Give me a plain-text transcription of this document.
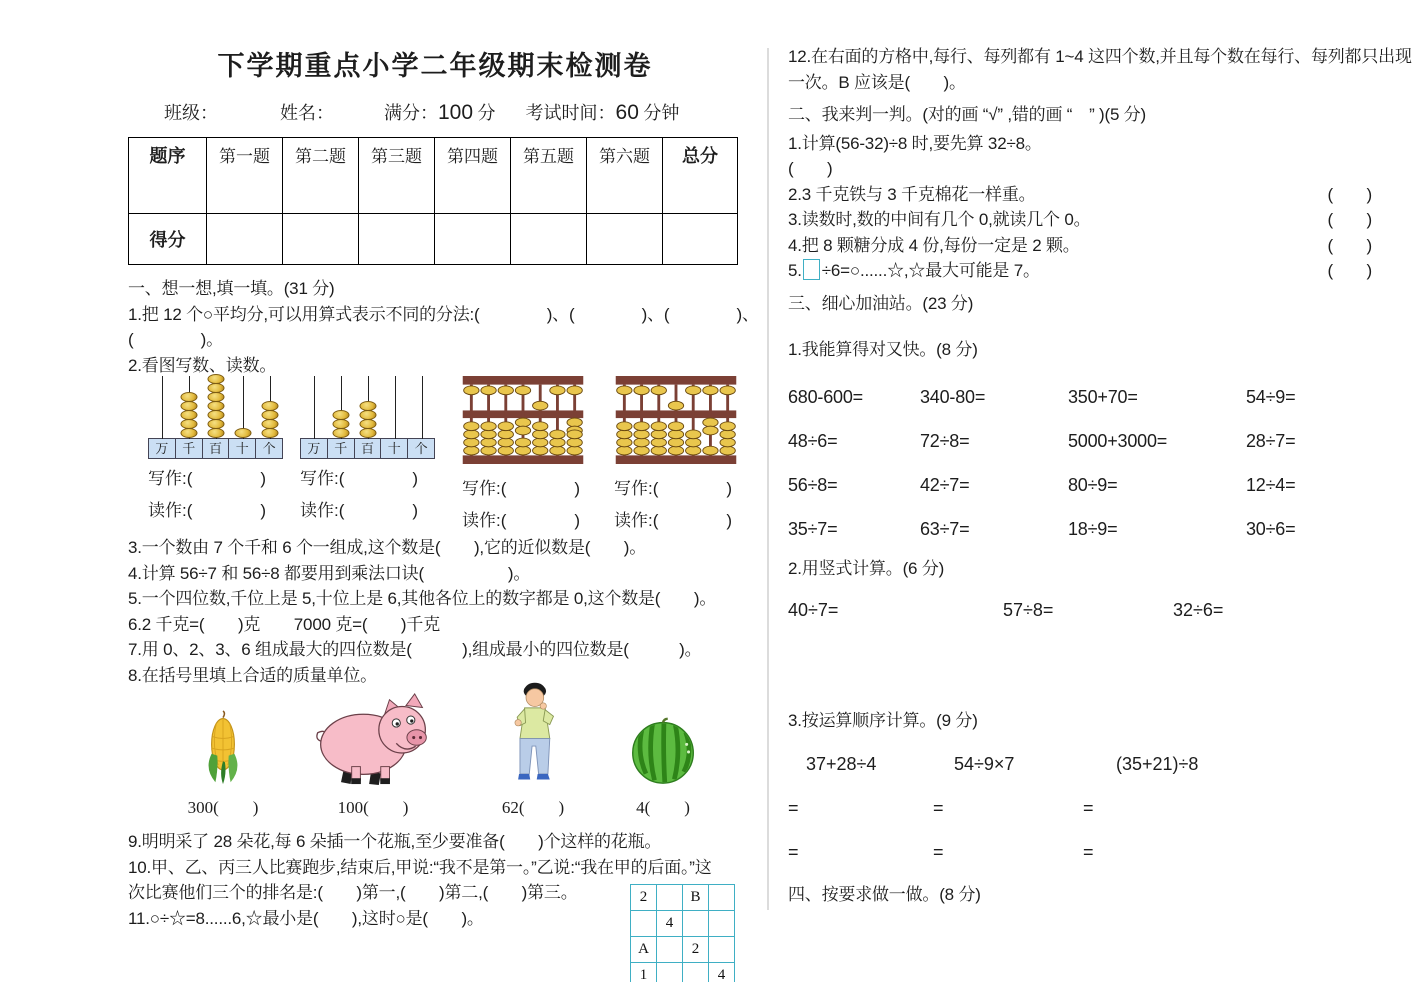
下学期重点小学二年级期末检测卷
班级：	姓名：	满分：100 分 考试时间：60 分钟
题序	第一题	第二题	第三题	第四题	第五题	第六题	总分
得分							

一、想一想,填一填。(31 分)

1.把 12 个○平均分,可以用算式表示不同的分法:(　　　　)、(　　　　)、(　　　　)、

(　　　　)。

2.看图写数、读数。

万	千	百	十	个
写作:(　　　　)
读作:(　　　　)
万	千	百	十	个
写作:(　　　　)
读作:(　　　　)
写作:(　　　　)
读作:(　　　　)
写作:(　　　　)
读作:(　　　　)

3.一个数由 7 个千和 6 个一组成,这个数是(　　),它的近似数是(　　)。

4.计算 56÷7 和 56÷8 都要用到乘法口诀(　　　　　)。

5.一个四位数,千位上是 5,十位上是 6,其他各位上的数字都是 0,这个数是(　　)。

6.2 千克=(　　)克　　7000 克=(　　)千克

7.用 0、2、3、6 组成最大的四位数是(　　　),组成最小的四位数是(　　　)。

8.在括号里填上合适的质量单位。

300(　　)	100(　　)	62(　　)	4(　　)

9.明明采了 28 朵花,每 6 朵插一个花瓶,至少要准备(　　)个这样的花瓶。

10.甲、乙、丙三人比赛跑步,结束后,甲说:“我不是第一。”乙说:“我在甲的后面。”这

次比赛他们三个的排名是:(　　)第一,(　　)第二,(　　)第三。

11.○÷☆=8......6,☆最小是(　　),这时○是(　　)。

2		B	
	4		
A		2	
1			4

12.在右面的方格中,每行、每列都有 1~4 这四个数,并且每个数在每行、每列都只出现

一次。B 应该是(　　)。

二、我来判一判。(对的画 “√” ,错的画 “　” )(5 分)

1.计算(56-32)÷8 时,要先算 32÷8。

(　　)

2.3 千克铁与 3 千克棉花一样重。	(　　)
3.读数时,数的中间有几个 0,就读几个 0。	(　　)
4.把 8 颗糖分成 4 份,每份一定是 2 颗。	(　　)
5. ÷6=○......☆,☆最大可能是 7。	(　　)

三、细心加油站。(23 分)

1.我能算得对又快。(8 分)

680-600=	340-80=	350+70=	54÷9=
48÷6=	72÷8=	5000+3000=	28÷7=
56÷8=	42÷7=	80÷9=	12÷4=
35÷7=	63÷7=	18÷9=	30÷6=

2.用竖式计算。(6 分)

40÷7=	57÷8=	32÷6=

3.按运算顺序计算。(9 分)

37+28÷4	54÷9×7	(35+21)÷8
=	=	=
=	=	=

四、按要求做一做。(8 分)
